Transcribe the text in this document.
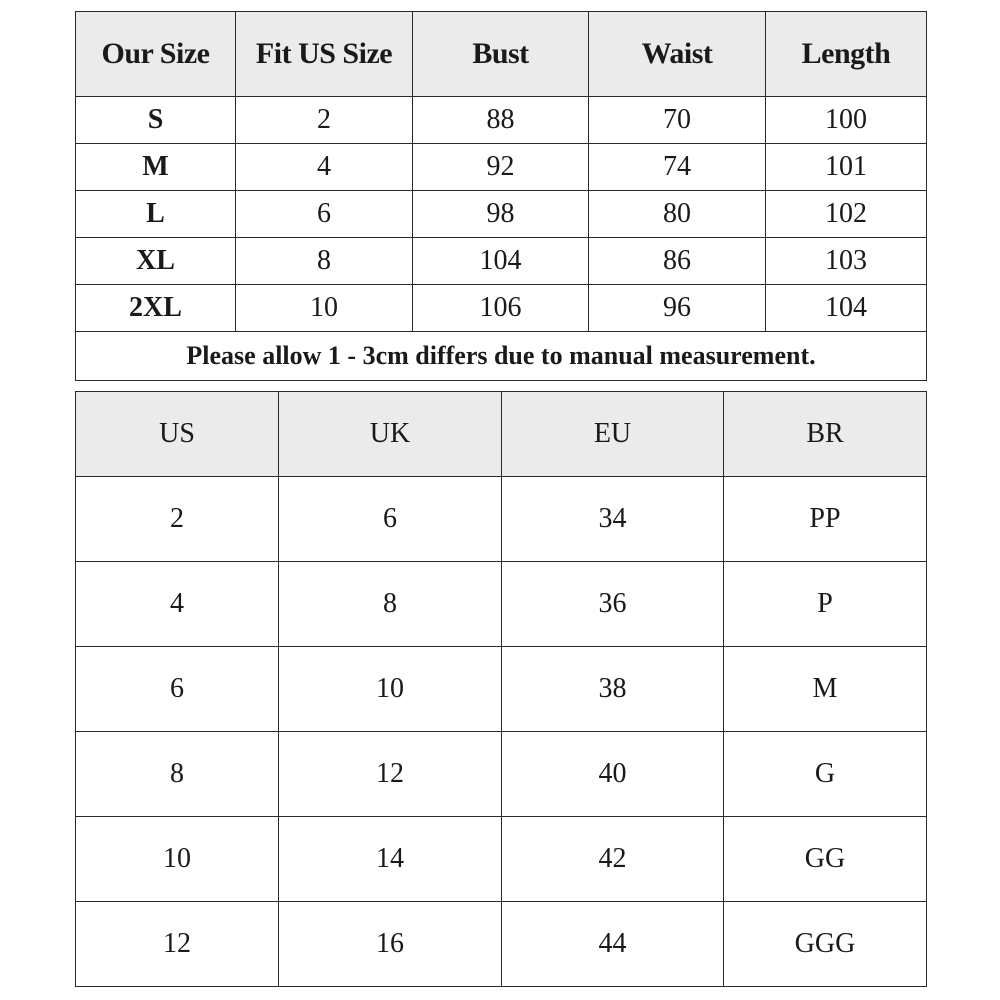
Our Size	Fit US Size	Bust	Waist	Length
S	2	88	70	100
M	4	92	74	101
L	6	98	80	102
XL	8	104	86	103
2XL	10	106	96	104
Please allow 1 - 3cm differs due to manual measurement.				
US	UK	EU	BR
2	6	34	PP
4	8	36	P
6	10	38	M
8	12	40	G
10	14	42	GG
12	16	44	GGG
